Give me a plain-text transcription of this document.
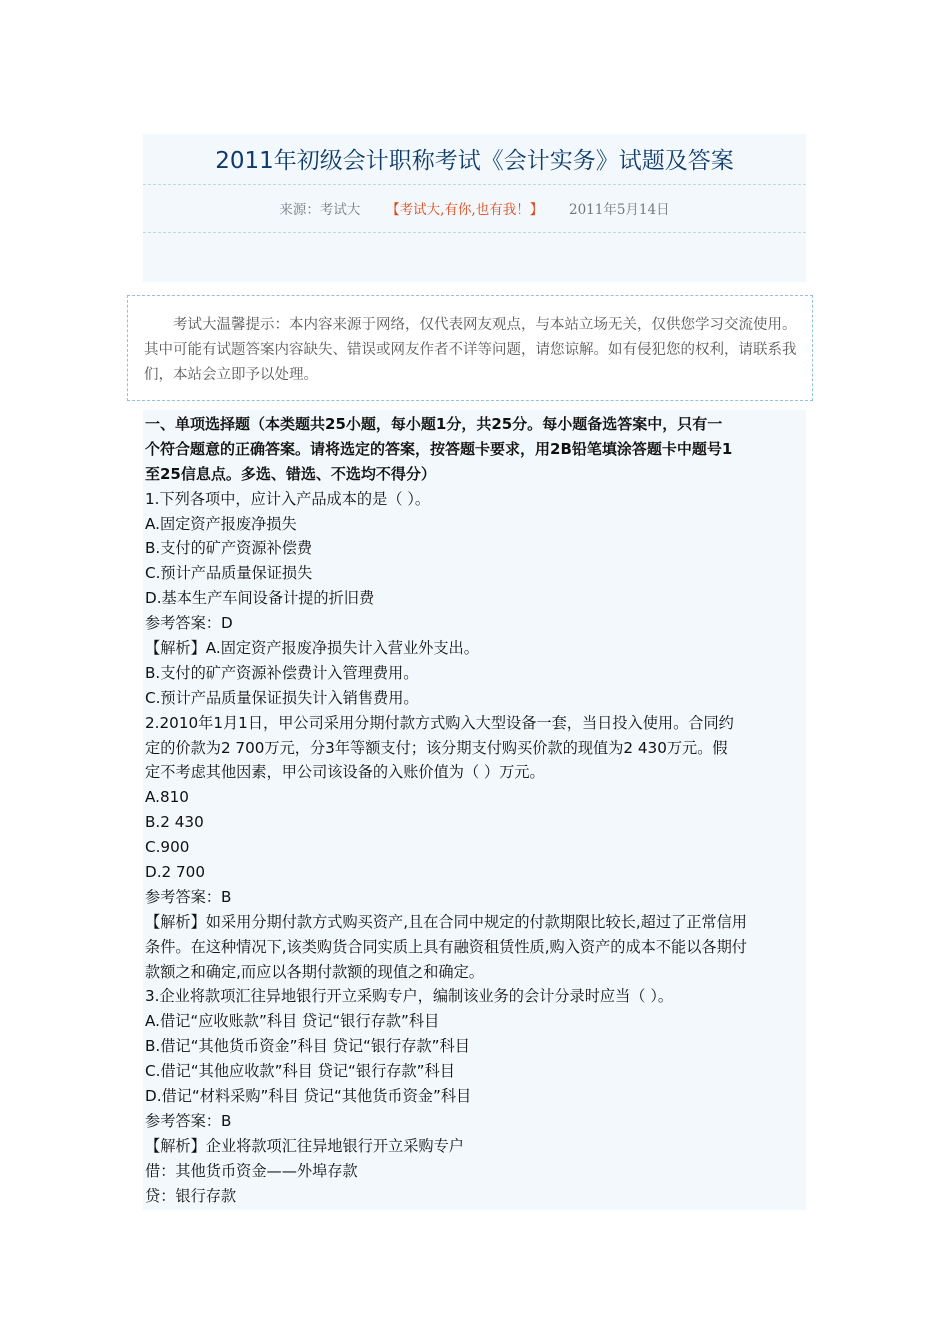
2011年初级会计职称考试《会计实务》试题及答案
来源：考试大 【考试大,有你,也有我！】 2011年5月14日

考试大温馨提示：本内容来源于网络，仅代表网友观点，与本站立场无关，仅供您学习交流使用。其中可能有试题答案内容缺失、错误或网友作者不详等问题，请您谅解。如有侵犯您的权利，请联系我们，本站会立即予以处理。

一、单项选择题（本类题共25小题，每小题1分，共25分。每小题备选答案中，只有一
个符合题意的正确答案。请将选定的答案，按答题卡要求，用2B铅笔填涂答题卡中题号1
至25信息点。多选、错选、不选均不得分）
1.下列各项中，应计入产品成本的是（ ）。
A.固定资产报废净损失
B.支付的矿产资源补偿费
C.预计产品质量保证损失
D.基本生产车间设备计提的折旧费
参考答案：D
【解析】A.固定资产报废净损失计入营业外支出。
B.支付的矿产资源补偿费计入管理费用。
C.预计产品质量保证损失计入销售费用。
2.2010年1月1日，甲公司采用分期付款方式购入大型设备一套，当日投入使用。合同约
定的价款为2 700万元，分3年等额支付；该分期支付购买价款的现值为2 430万元。假
定不考虑其他因素，甲公司该设备的入账价值为（ ）万元。
A.810
B.2 430
C.900
D.2 700
参考答案：B
【解析】如采用分期付款方式购买资产,且在合同中规定的付款期限比较长,超过了正常信用
条件。在这种情况下,该类购货合同实质上具有融资租赁性质,购入资产的成本不能以各期付
款额之和确定,而应以各期付款额的现值之和确定。
3.企业将款项汇往异地银行开立采购专户，编制该业务的会计分录时应当（ ）。
A.借记“应收账款”科目 贷记“银行存款”科目
B.借记“其他货币资金”科目 贷记“银行存款”科目
C.借记“其他应收款”科目 贷记“银行存款”科目
D.借记“材料采购”科目 贷记“其他货币资金”科目
参考答案：B
【解析】企业将款项汇往异地银行开立采购专户
借：其他货币资金——外埠存款
贷：银行存款
